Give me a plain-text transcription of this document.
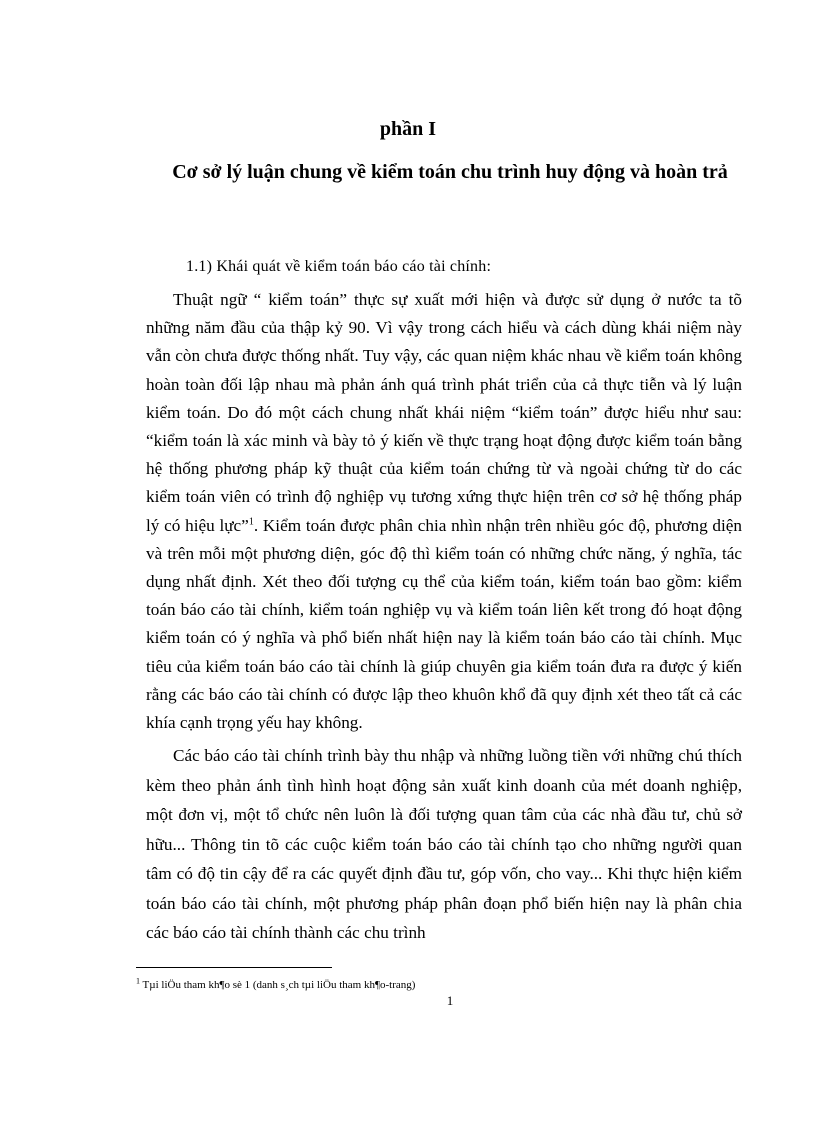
phần I
Cơ sở lý luận chung về kiểm toán chu trình huy động và hoàn trả
1.1) Khái quát về kiểm toán báo cáo tài chính:

Thuật ngữ “ kiểm toán” thực sự xuất mới hiện và được sử dụng ở nước ta tõ những năm đầu của thập kỷ 90. Vì vậy trong cách hiểu và cách dùng khái niệm này vẫn còn chưa được thống nhất. Tuy vậy, các quan niệm khác nhau về kiểm toán không hoàn toàn đối lập nhau mà phản ánh quá trình phát triển của cả thực tiễn và lý luận kiểm toán. Do đó một cách chung nhất khái niệm “kiểm toán” được hiểu như sau: “kiểm toán là xác minh và bày tỏ ý kiến về thực trạng hoạt động được kiểm toán bằng hệ thống phương pháp kỹ thuật của kiểm toán chứng từ và ngoài chứng từ do các kiểm toán viên có trình độ nghiệp vụ tương xứng thực hiện trên cơ sở hệ thống pháp lý có hiệu lực”$^1$. Kiểm toán được phân chia nhìn nhận trên nhiều góc độ, phương diện và trên mỗi một phương diện, góc độ thì kiểm toán có những chức năng, ý nghĩa, tác dụng nhất định. Xét theo đối tượng cụ thể của kiểm toán, kiểm toán bao gồm: kiểm toán báo cáo tài chính, kiểm toán nghiệp vụ và kiểm toán liên kết trong đó hoạt động kiểm toán có ý nghĩa và phổ biến nhất hiện nay là kiểm toán báo cáo tài chính. Mục tiêu của kiểm toán báo cáo tài chính là giúp chuyên gia kiểm toán đưa ra được ý kiến rằng các báo cáo tài chính có được lập theo khuôn khổ đã quy định xét theo tất cả các khía cạnh trọng yếu hay không.

Các báo cáo tài chính trình bày thu nhập và những luồng tiền với những chú thích kèm theo phản ánh tình hình hoạt động sản xuất kinh doanh của mét doanh nghiệp, một đơn vị, một tổ chức nên luôn là đối tượng quan tâm của các nhà đầu tư, chủ sở hữu... Thông tin tõ các cuộc kiểm toán báo cáo tài chính tạo cho những người quan tâm có độ tin cậy để ra các quyết định đầu tư, góp vốn, cho vay... Khi thực hiện kiểm toán báo cáo tài chính, một phương pháp phân đoạn phổ biến hiện nay là phân chia các báo cáo tài chính thành các chu trình

$^1$ Tµi liÖu tham kh¶o sè 1 (danh s¸ch tµi liÖu tham kh¶o-trang)
1
